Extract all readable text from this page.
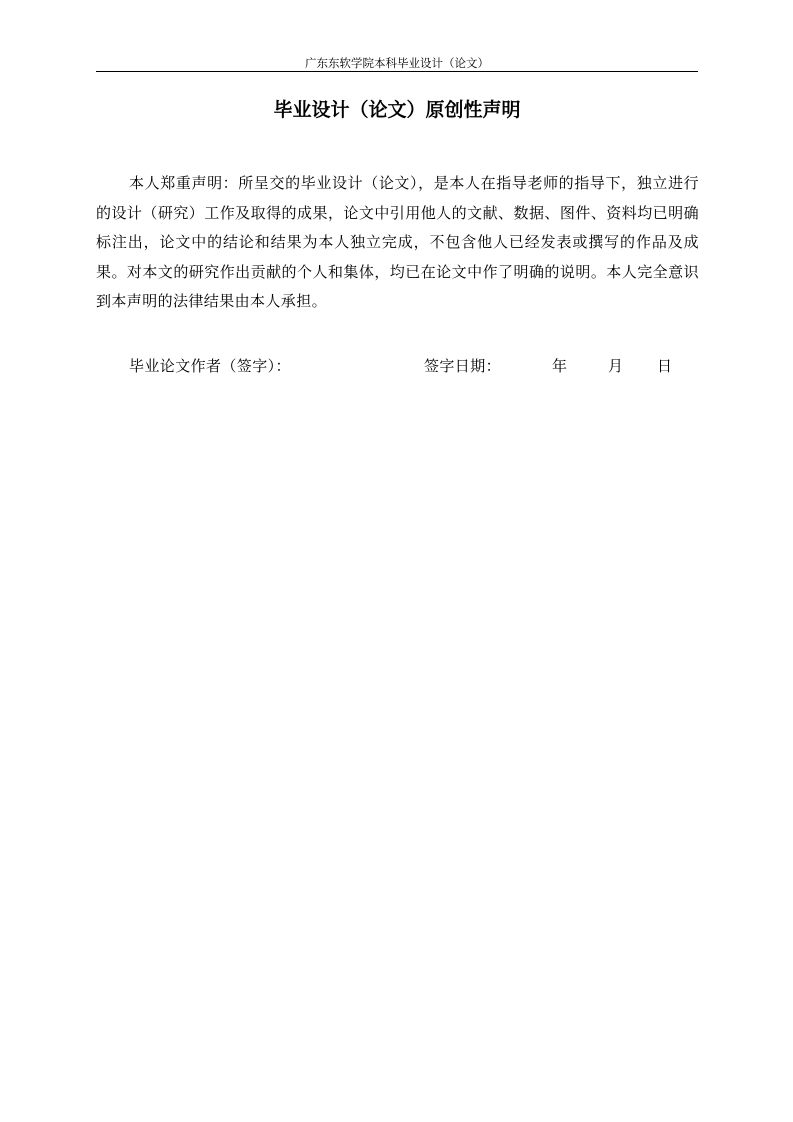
广东东软学院本科毕业设计（论文）
毕业设计（论文）原创性声明

本人郑重声明：所呈交的毕业设计（论文），是本人在指导老师的指导下，独立进行的设计（研究）工作及取得的成果，论文中引用他人的文献、数据、图件、资料均已明确标注出，论文中的结论和结果为本人独立完成，不包含他人已经发表或撰写的作品及成果。对本文的研究作出贡献的个人和集体，均已在论文中作了明确的说明。本人完全意识到本声明的法律结果由本人承担。

毕业论文作者（签字）：	签字日期：	年	月 日
